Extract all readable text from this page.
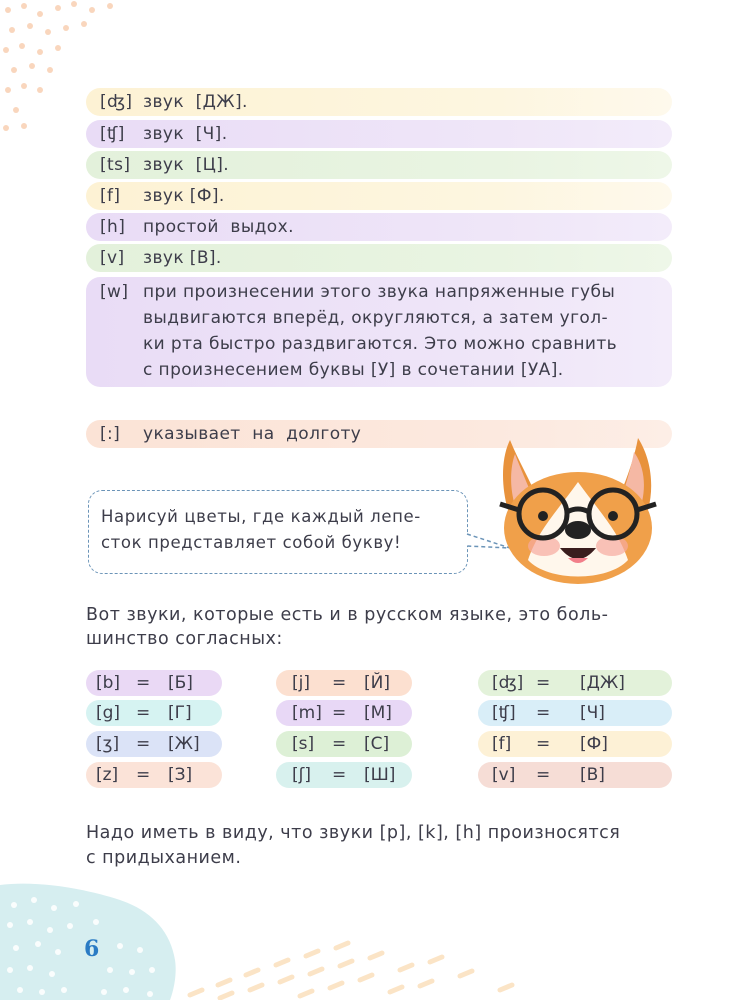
[ʤ] звук  [ДЖ].
[ʧ] звук  [Ч].
[ts] звук  [Ц].
[f] звук [Ф].
[h] простой  выдох.
[v] звук [В].
[w] при произнесении этого звука напряженные губы
выдвигаются вперёд, округляются, а затем угол-
ки рта быстро раздвигаются. Это можно сравнить
с произнесением буквы [У] в сочетании [УА].
[:] указывает  на  долготу
Нарисуй цветы, где каждый лепе-
сток представляет собой букву!
Вот звуки, которые есть и в русском языке, это боль-
шинство согласных:
[b] = [Б]
[g] = [Г]
[ʒ] = [Ж]
[z] = [З]
[j] = [Й]
[m] = [М]
[s] = [С]
[ʃ] = [Ш]
[ʤ] = [ДЖ]
[ʧ] = [Ч]
[f] = [Ф]
[v] = [В]
Надо иметь в виду, что звуки [p], [k], [h] произносятся
с придыханием.
6
